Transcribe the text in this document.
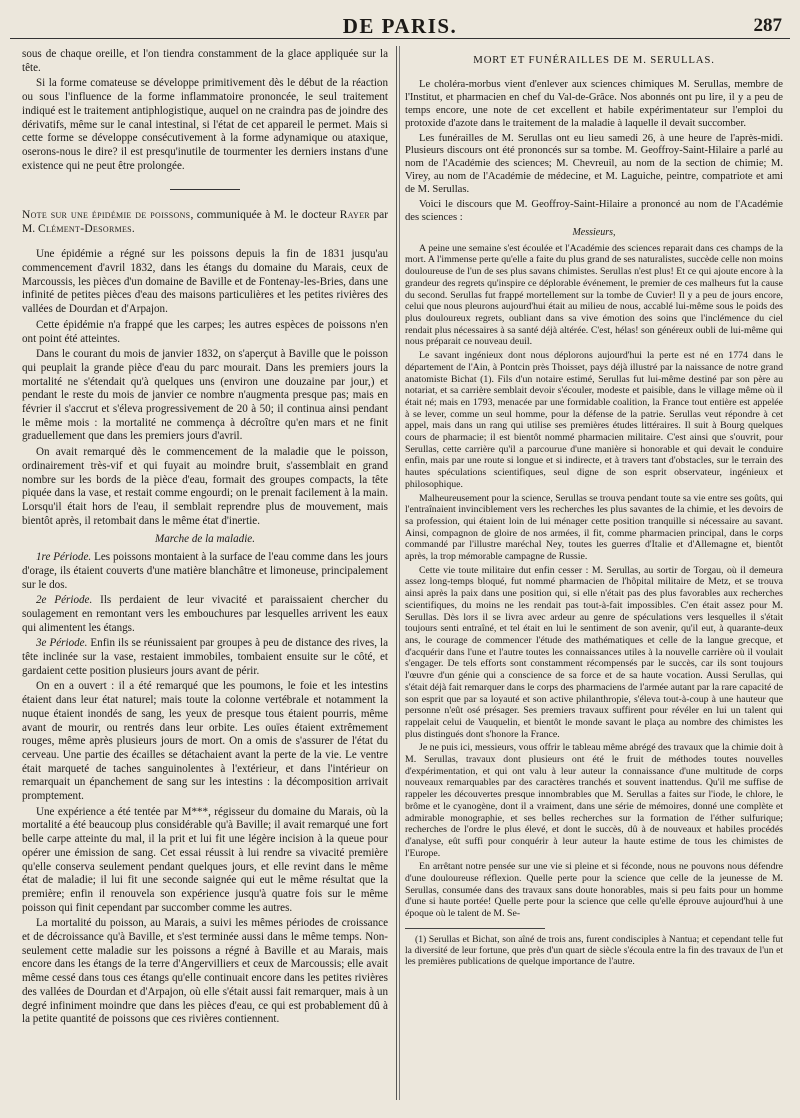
DE PARIS.	287

sous de chaque oreille, et l'on tiendra constamment de la glace appliquée sur la tête.

Si la forme comateuse se développe primitivement dès le début de la réaction ou sous l'influence de la forme inflammatoire prononcée, le seul traitement indiqué est le traitement antiphlogistique, auquel on ne craindra pas de joindre des dérivatifs, même sur le canal intestinal, si l'état de cet appareil le permet. Mais si cette forme se développe consécutivement à la forme adynamique ou ataxique, oserons-nous le dire? il est presqu'inutile de tourmenter les derniers instans d'une existence qui ne peut être prolongée.

Note sur une épidémie de poissons, communiquée à M. le docteur Rayer par M. Clément-Desormes.

Une épidémie a régné sur les poissons depuis la fin de 1831 jusqu'au commencement d'avril 1832, dans les étangs du domaine du Marais, ceux de Marcoussis, les pièces d'un domaine de Baville et de Fontenay-les-Bries, dans une infinité de petites pièces d'eau des maisons particulières et les petites rivières des vallées de Dourdan et d'Arpajon.

Cette épidémie n'a frappé que les carpes; les autres espèces de poissons n'en ont point été atteintes.

Dans le courant du mois de janvier 1832, on s'aperçut à Baville que le poisson qui peuplait la grande pièce d'eau du parc mourait. Dans les premiers jours la mortalité ne s'étendait qu'à quelques uns (environ une douzaine par jour,) et pendant le reste du mois de janvier ce nombre n'augmenta presque pas; mais en février il s'accrut et s'éleva progressivement de 20 à 50; il continua ainsi pendant le même mois : la mortalité ne commença à décroître qu'en mars et ne finit graduellement que dans les premiers jours d'avril.

On avait remarqué dès le commencement de la maladie que le poisson, ordinairement très-vif et qui fuyait au moindre bruit, s'assemblait en grand nombre sur les bords de la pièce d'eau, formait des groupes compacts, la tête piquée dans la vase, et restait comme engourdi; on le prenait facilement à la main. Lorsqu'il était hors de l'eau, il semblait reprendre plus de mouvement, mais bientôt après, il retombait dans le même état d'inertie.

Marche de la maladie.

1re Période. Les poissons montaient à la surface de l'eau comme dans les jours d'orage, ils étaient couverts d'une matière blanchâtre et limoneuse, principalement sur le dos.

2e Période. Ils perdaient de leur vivacité et paraissaient chercher du soulagement en remontant vers les embouchures par lesquelles arrivent les eaux qui alimentent les étangs.

3e Période. Enfin ils se réunissaient par groupes à peu de distance des rives, la tête inclinée sur la vase, restaient immobiles, tombaient ensuite sur le côté, et gardaient cette position plusieurs jours avant de périr.

On en a ouvert : il a été remarqué que les poumons, le foie et les intestins étaient dans leur état naturel; mais toute la colonne vertébrale et notamment la nuque étaient inondés de sang, les yeux de presque tous étaient pourris, même avant de mourir, ou rentrés dans leur orbite. Les ouïes étaient extrêmement rouges, même après plusieurs jours de mort. On a omis de s'assurer de l'état du cerveau. Une partie des écailles se détachaient avant la perte de la vie. Le ventre était marqueté de taches sanguinolentes à l'extérieur, et dans l'intérieur on remarquait un épanchement de sang sur les intestins : la décomposition arrivait promptement.

Une expérience a été tentée par M***, régisseur du domaine du Marais, où la mortalité a été beaucoup plus considérable qu'à Baville; il avait remarqué une fort belle carpe atteinte du mal, il la prit et lui fit une légère incision à la queue pour opérer une émission de sang. Cet essai réussit à lui rendre sa vivacité première qu'elle conserva seulement pendant quelques jours, et elle revint dans le même état de maladie; il lui fit une seconde saignée qui eut le même résultat que la première; enfin il renouvela son expérience jusqu'à quatre fois sur le même poisson qui finit cependant par succomber comme les autres.

La mortalité du poisson, au Marais, a suivi les mêmes périodes de croissance et de décroissance qu'à Baville, et s'est terminée aussi dans le même temps. Non-seulement cette maladie sur les poissons a régné à Baville et au Marais, mais encore dans les étangs de la terre d'Angervilliers et ceux de Marcoussis; elle avait même cessé dans tous ces étangs qu'elle continuait encore dans les petites rivières des vallées de Dourdan et d'Arpajon, où elle s'était aussi fait remarquer, mais à un degré infiniment moindre que dans les pièces d'eau, ce qui est probablement dû à la petite quantité de poissons que ces rivières contiennent.

MORT ET FUNÉRAILLES DE M. SERULLAS.

Le choléra-morbus vient d'enlever aux sciences chimiques M. Serullas, membre de l'Institut, et pharmacien en chef du Val-de-Grâce. Nos abonnés ont pu lire, il y a peu de temps encore, une note de cet excellent et habile expérimentateur sur l'emploi du protoxide d'azote dans le traitement de la maladie à laquelle il devait succomber.

Les funérailles de M. Serullas ont eu lieu samedi 26, à une heure de l'après-midi. Plusieurs discours ont été prononcés sur sa tombe. M. Geoffroy-Saint-Hilaire a parlé au nom de l'Académie des sciences; M. Chevreuil, au nom de la section de chimie; M. Virey, au nom de l'Académie de médecine, et M. Laguiche, peintre, compatriote et ami de M. Serullas.

Voici le discours que M. Geoffroy-Saint-Hilaire a prononcé au nom de l'Académie des sciences :

Messieurs,

A peine une semaine s'est écoulée et l'Académie des sciences reparait dans ces champs de la mort. A l'immense perte qu'elle a faite du plus grand de ses naturalistes, succède celle non moins douloureuse de l'un de ses plus savans chimistes. Serullas n'est plus! Et ce qui ajoute encore à la grandeur des regrets qu'inspire ce déplorable événement, le premier de ces malheurs fut la cause du second. Serullas fut frappé mortellement sur la tombe de Cuvier! Il y a peu de jours encore, celui que nous pleurons aujourd'hui était au milieu de nous, accablé lui-même sous le poids des plus douloureux regrets, oubliant dans sa vive émotion des soins que l'inclémence du ciel rendait plus nécessaires à sa santé déjà altérée. C'est, hélas! son généreux oubli de lui-même qui nous préparait ce nouveau deuil.

Le savant ingénieux dont nous déplorons aujourd'hui la perte est né en 1774 dans le département de l'Ain, à Pontcin près Thoisset, pays déjà illustré par la naissance de notre grand anatomiste Bichat (1). Fils d'un notaire estimé, Serullas fut lui-même destiné par son père au notariat, et sa carrière semblait devoir s'écouler, modeste et paisible, dans le village même où il était né; mais en 1793, menacée par une formidable coalition, la France tout entière est appelée à se lever, comme un seul homme, pour la défense de la patrie. Serullas veut répondre à cet appel, mais dans un rang qui utilise ses premières études littéraires. Il suit à Bourg quelques cours de pharmacie; il est bientôt nommé pharmacien militaire. C'est ainsi que s'ouvrit, pour Serullas, cette carrière qu'il a parcourue d'une manière si honorable et qui devait le conduire enfin, mais par une route si longue et si indirecte, et à travers tant d'obstacles, sur le terrain des hautes spéculations scientifiques, seul digne de son esprit observateur, ingénieux et philosophique.

Malheureusement pour la science, Serullas se trouva pendant toute sa vie entre ses goûts, qui l'entraînaient invinciblement vers les recherches les plus savantes de la chimie, et les devoirs de sa profession, qui étaient loin de lui ménager cette position tranquille si nécessaire au savant. Ainsi, compagnon de gloire de nos armées, il fit, comme pharmacien principal, dans le corps commandé par l'illustre maréchal Ney, toutes les guerres d'Italie et d'Allemagne et, bientôt après, la trop mémorable campagne de Russie.

Cette vie toute militaire dut enfin cesser : M. Serullas, au sortir de Torgau, où il demeura assez long-temps bloqué, fut nommé pharmacien de l'hôpital militaire de Metz, et se trouva ainsi après la paix dans une position qui, si elle n'était pas des plus favorables aux recherches scientifiques, du moins ne les rendait pas tout-à-fait impossibles. C'en était assez pour M. Serullas. Dès lors il se livra avec ardeur au genre de spéculations vers lesquelles il s'était toujours senti entraîné, et tel était en lui le sentiment de son avenir, qu'il eut, à quarante-deux ans, le courage de commencer l'étude des mathématiques et celle de la langue grecque, et d'acquérir dans l'une et l'autre toutes les connaissances utiles à la nouvelle carrière où il voulait s'engager. De tels efforts sont constamment récompensés par le succès, car ils sont toujours l'œuvre d'un génie qui a conscience de sa force et de sa haute vocation. Aussi Serullas, qui s'était déjà fait remarquer dans le corps des pharmaciens de l'armée autant par la rare capacité de son esprit que par sa loyauté et son active philanthropie, s'éleva tout-à-coup à une hauteur que personne n'eût osé présager. Ses premiers travaux suffirent pour révéler en lui un talent qui rappelait celui de Vauquelin, et bientôt le monde savant le plaça au nombre des chimistes les plus distingués dont s'honore la France.

Je ne puis ici, messieurs, vous offrir le tableau même abrégé des travaux que la chimie doit à M. Serullas, travaux dont plusieurs ont été le fruit de méthodes toutes nouvelles d'expérimentation, et qui ont valu à leur auteur la connaissance d'une multitude de corps nouveaux remarquables par des caractères tranchés et souvent inattendus. Qu'il me suffise de rappeler les découvertes presque innombrables que M. Serullas a faites sur l'iode, le chlore, le brôme et le cyanogène, dont il a vraiment, dans une série de mémoires, donné une complète et admirable monographie, et ses belles recherches sur la formation de l'éther sulfurique; recherches de l'ordre le plus élevé, et dont le succès, dû à de nouveaux et habiles procédés d'analyse, eût suffi pour conquérir à leur auteur la haute estime de tous les chimistes de l'Europe.

En arrêtant notre pensée sur une vie si pleine et si féconde, nous ne pouvons nous défendre d'une douloureuse réflexion. Quelle perte pour la science que celle de la jeunesse de M. Serullas, consumée dans des travaux sans doute honorables, mais si peu faits pour un homme d'une si haute portée! Quelle perte pour la science que celle qu'elle éprouve aujourd'hui à une époque où le talent de M. Se-

(1) Serullas et Bichat, son aîné de trois ans, furent condisciples à Nantua; et cependant telle fut la diversité de leur fortune, que près d'un quart de siècle s'écoula entre la fin des travaux de l'un et les premières publications de quelque importance de l'autre.
